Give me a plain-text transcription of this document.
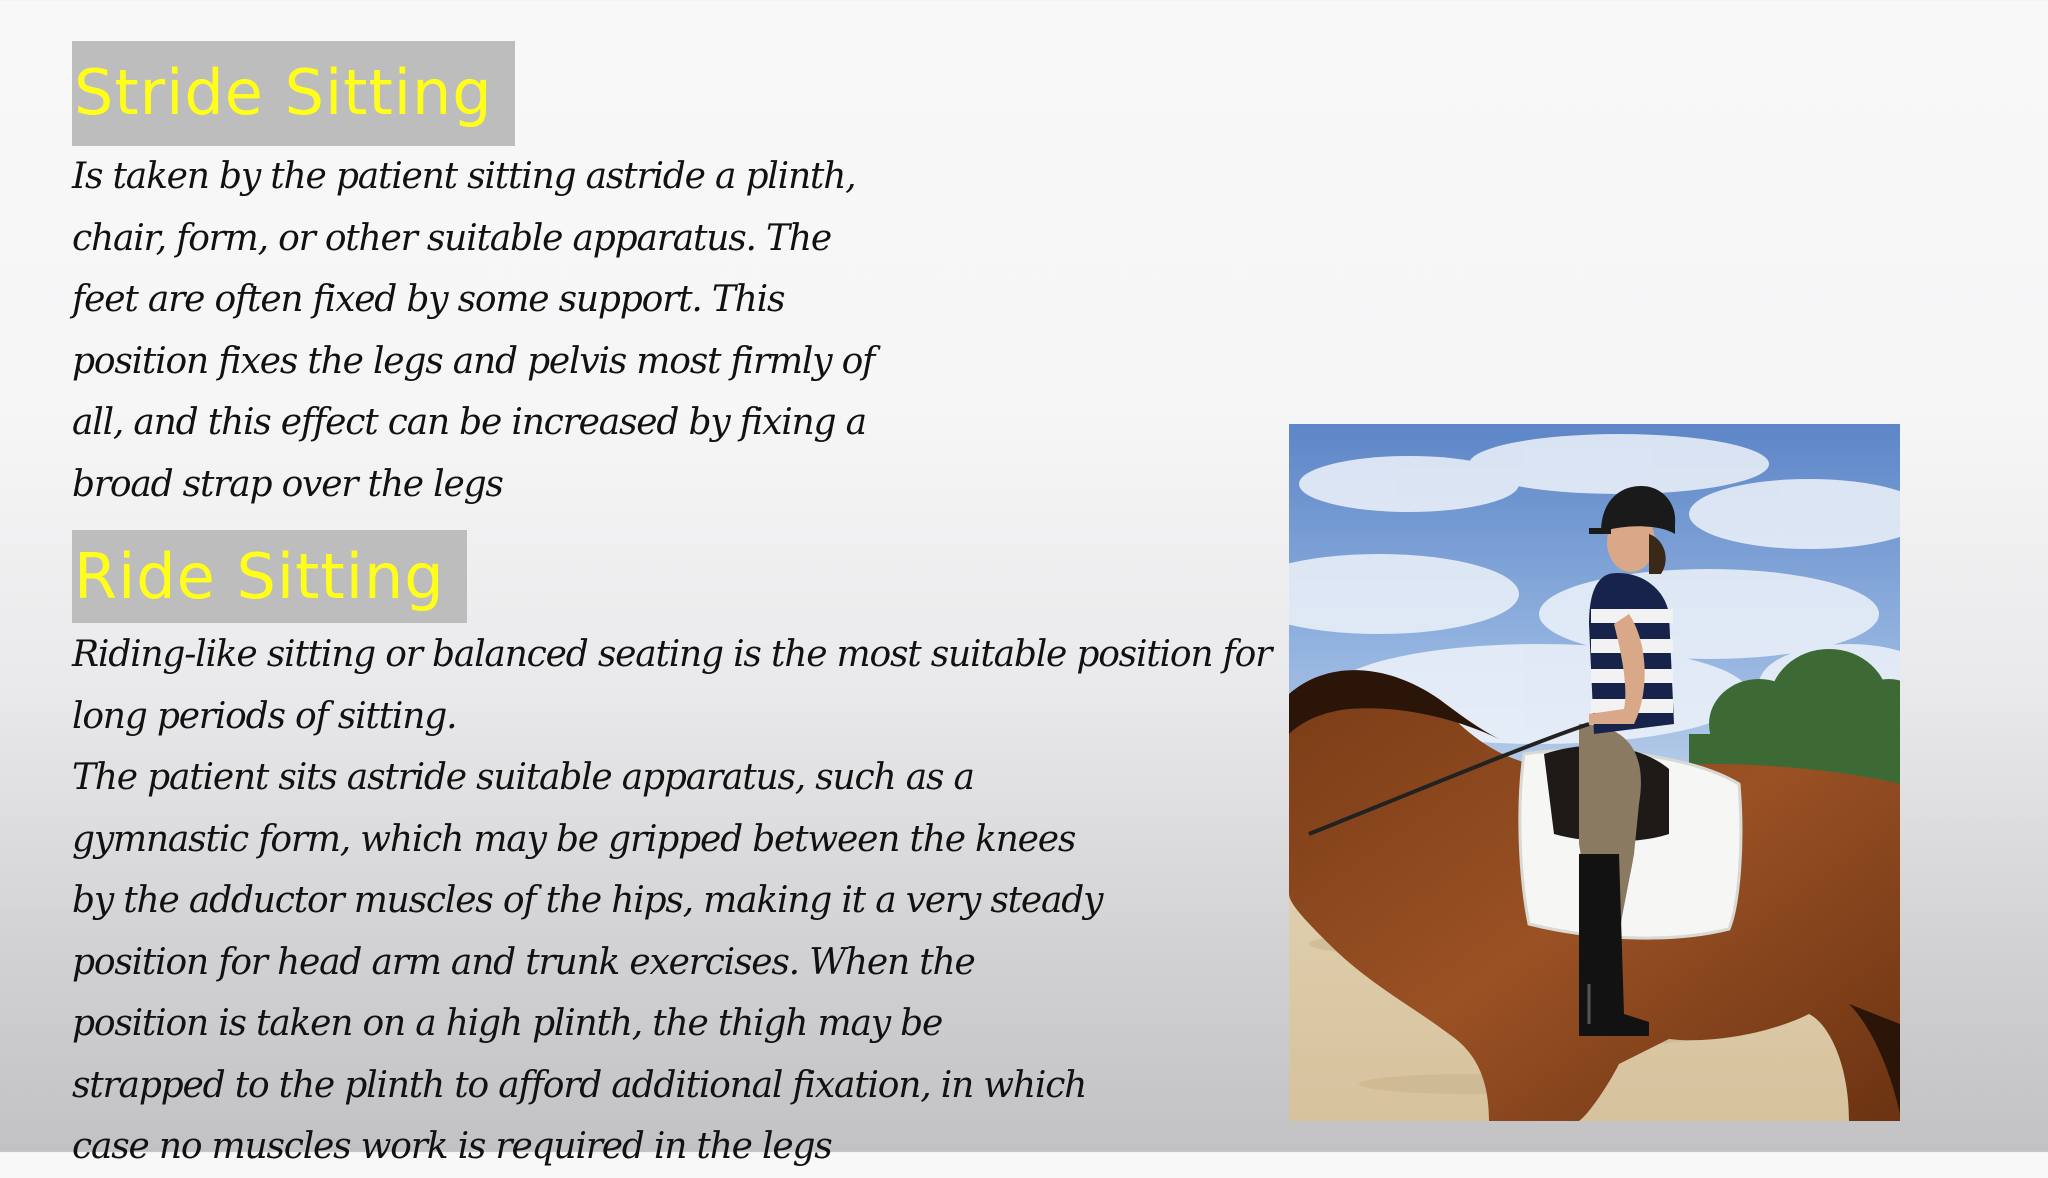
Stride Sitting

Is taken by the patient sitting astride a plinth,
chair, form, or other suitable apparatus. The
feet are often fixed by some support. This
position fixes the legs and pelvis most firmly of
all, and this effect can be increased by fixing a
broad strap over the legs

Ride Sitting

Riding-like sitting or balanced seating is the most suitable position for
long periods of sitting.
The patient sits astride suitable apparatus, such as a
gymnastic form, which may be gripped between the knees
by the adductor muscles of the hips, making it a very steady
position for head arm and trunk exercises. When the
position is taken on a high plinth, the thigh may be
strapped to the plinth to afford additional fixation, in which
case no muscles work is required in the legs
